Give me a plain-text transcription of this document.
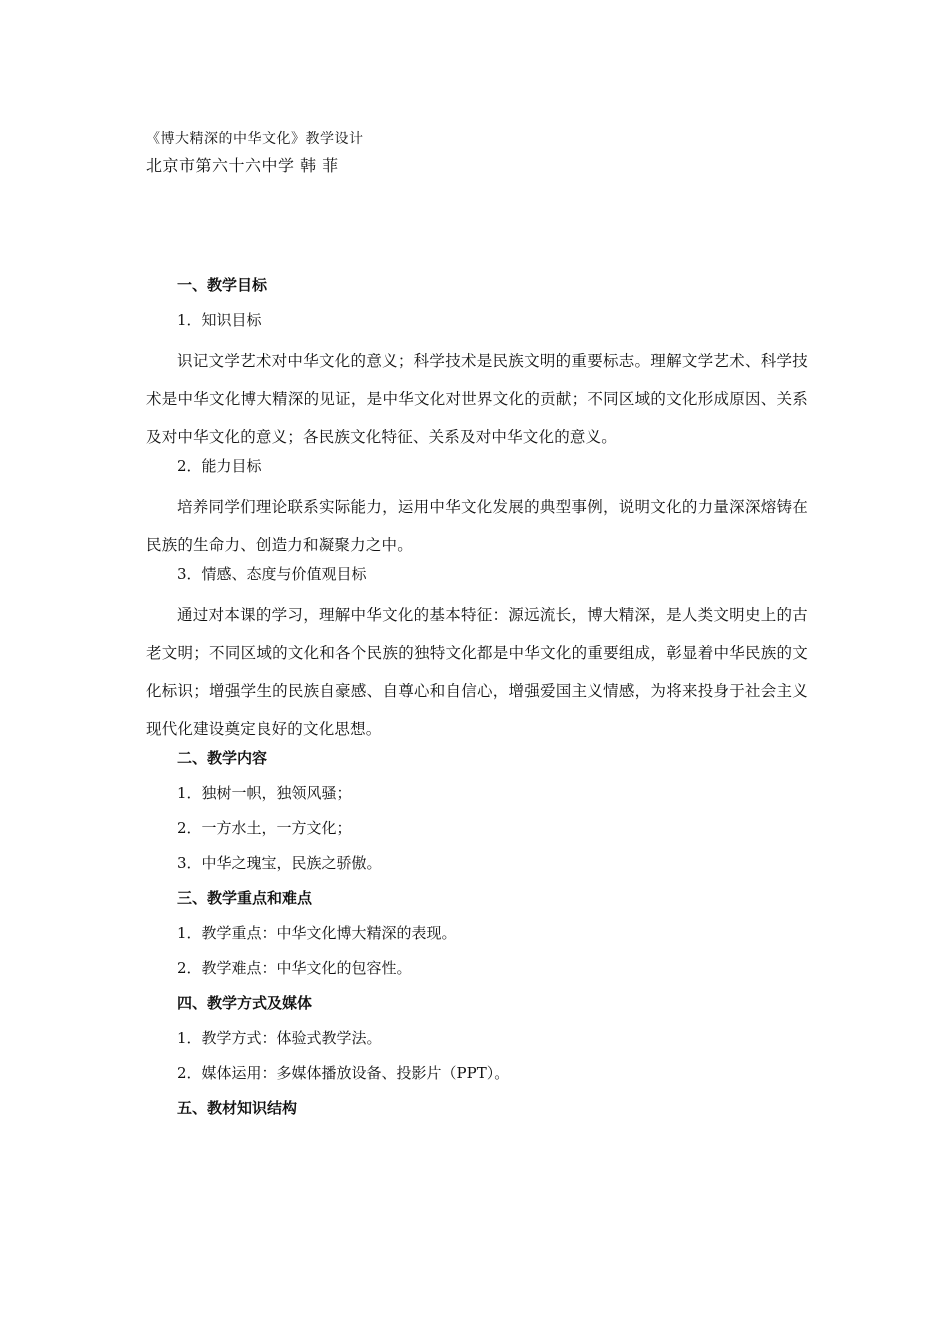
《博大精深的中华文化》教学设计
北京市第六十六中学 韩 菲
一、教学目标
1．知识目标
识记文学艺术对中华文化的意义；科学技术是民族文明的重要标志。理解文学艺术、科学技术是中华文化博大精深的见证，是中华文化对世界文化的贡献；不同区域的文化形成原因、关系及对中华文化的意义；各民族文化特征、关系及对中华文化的意义。
2．能力目标
培养同学们理论联系实际能力，运用中华文化发展的典型事例，说明文化的力量深深熔铸在民族的生命力、创造力和凝聚力之中。
3．情感、态度与价值观目标
通过对本课的学习，理解中华文化的基本特征：源远流长，博大精深，是人类文明史上的古老文明；不同区域的文化和各个民族的独特文化都是中华文化的重要组成，彰显着中华民族的文化标识；增强学生的民族自豪感、自尊心和自信心，增强爱国主义情感，为将来投身于社会主义现代化建设奠定良好的文化思想。
二、教学内容
1．独树一帜，独领风骚；
2．一方水土，一方文化；
3．中华之瑰宝，民族之骄傲。
三、教学重点和难点
1．教学重点：中华文化博大精深的表现。
2．教学难点：中华文化的包容性。
四、教学方式及媒体
1．教学方式：体验式教学法。
2．媒体运用：多媒体播放设备、投影片（PPT）。
五、教材知识结构
